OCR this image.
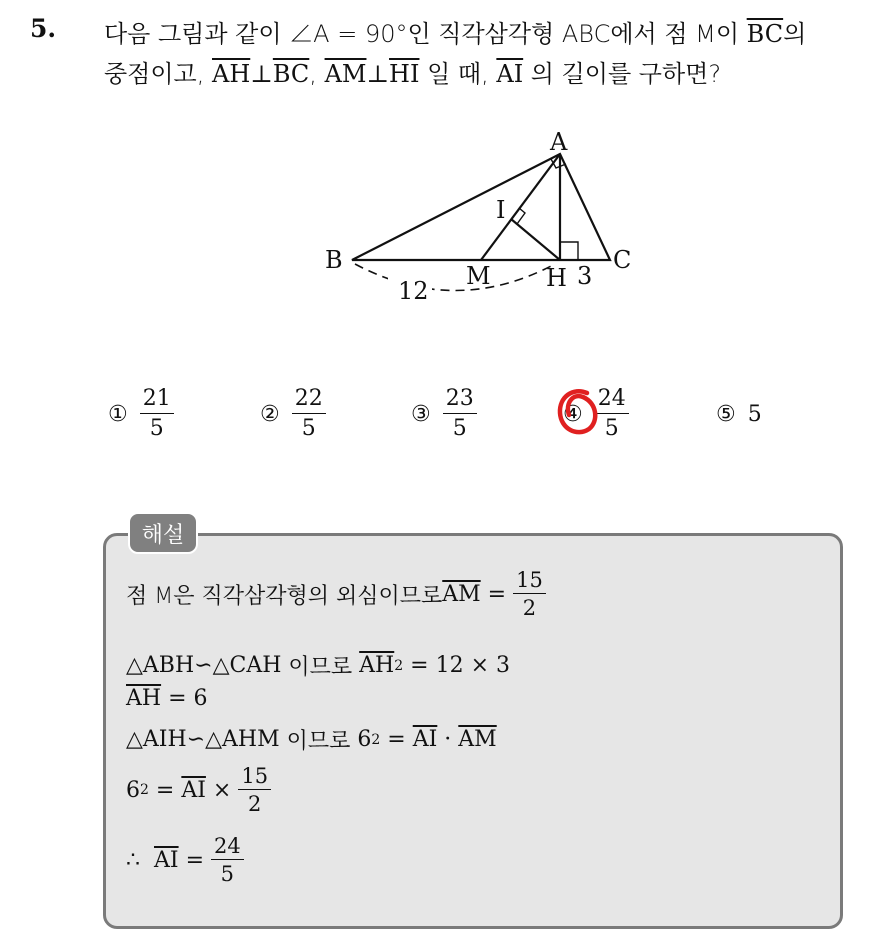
5. 다음 그림과 같이 ∠A = 90°인 직각삼각형 ABC에서 점 M이 $\overline{BC}$의
중점이고, $\overline{AH}\perp\overline{BC}$, $\overline{AM}\perp\overline{HI}$ 일 때, $\overline{AI}$ 의 길이를 구하면?
A
B	C
H
I
M
12
3
① $\frac{21}{5}$	② $\frac{22}{5}$	③ $\frac{23}{5}$	④ $\frac{24}{5}$	⑤ 5
해설
점 M은 직각삼각형의 외심이므로 $\overline{AM} = \frac{15}{2}$
△ABH∽△CAH 이므로 $\overline{AH}$ 2 = 12 × 3
$\overline{AH} = 6$
△AIH∽△AHM 이므로 6 $2 = \overline{AI} \cdot \overline{AM}$
6 $2 = \overline{AI} \times \frac{15}{2}$
∴ $\overline{AI} = \frac{24}{5}$
